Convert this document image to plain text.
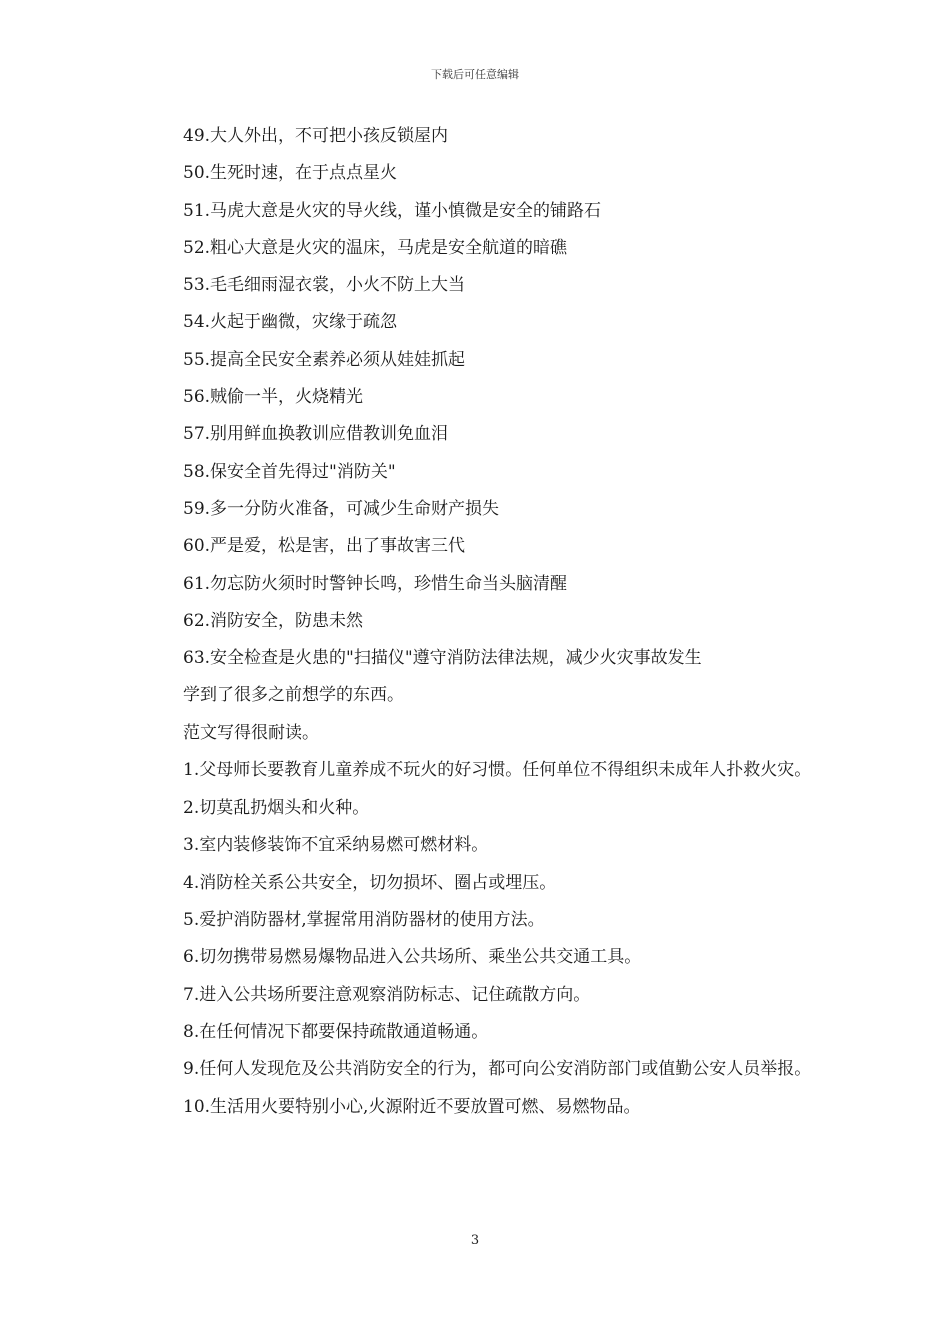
下载后可任意编辑
49.大人外出，不可把小孩反锁屋内
50.生死时速，在于点点星火
51.马虎大意是火灾的导火线，谨小慎微是安全的铺路石
52.粗心大意是火灾的温床，马虎是安全航道的暗礁
53.毛毛细雨湿衣裳，小火不防上大当
54.火起于幽微，灾缘于疏忽
55.提高全民安全素养必须从娃娃抓起
56.贼偷一半，火烧精光
57.别用鲜血换教训应借教训免血泪
58.保安全首先得过"消防关"
59.多一分防火准备，可减少生命财产损失
60.严是爱，松是害，出了事故害三代
61.勿忘防火须时时警钟长鸣，珍惜生命当头脑清醒
62.消防安全，防患未然
63.安全检查是火患的"扫描仪"遵守消防法律法规，减少火灾事故发生
学到了很多之前想学的东西。
范文写得很耐读。
1.父母师长要教育儿童养成不玩火的好习惯。任何单位不得组织未成年人扑救火灾。
2.切莫乱扔烟头和火种。
3.室内装修装饰不宜采纳易燃可燃材料。
4.消防栓关系公共安全，切勿损坏、圈占或埋压。
5.爱护消防器材,掌握常用消防器材的使用方法。
6.切勿携带易燃易爆物品进入公共场所、乘坐公共交通工具。
7.进入公共场所要注意观察消防标志、记住疏散方向。
8.在任何情况下都要保持疏散通道畅通。
9.任何人发现危及公共消防安全的行为，都可向公安消防部门或值勤公安人员举报。
10.生活用火要特别小心,火源附近不要放置可燃、易燃物品。
3
